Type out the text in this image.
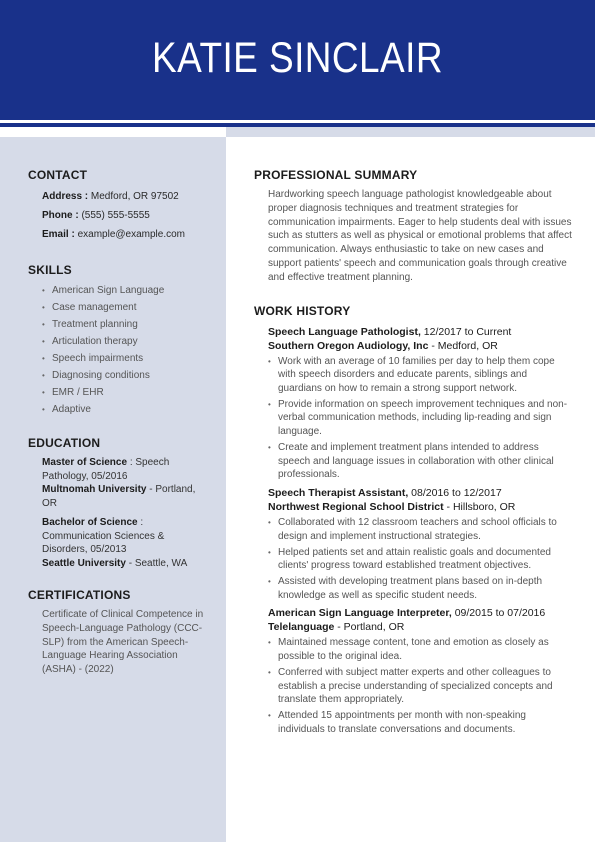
KATIE SINCLAIR
CONTACT
Address : Medford, OR 97502
Phone : (555) 555-5555
Email : example@example.com
SKILLS
• American Sign Language
• Case management
• Treatment planning
• Articulation therapy
• Speech impairments
• Diagnosing conditions
• EMR / EHR
• Adaptive
EDUCATION
Master of Science : Speech Pathology, 05/2016
Multnomah University - Portland, OR
Bachelor of Science : Communication Sciences & Disorders, 05/2013
Seattle University - Seattle, WA
CERTIFICATIONS
Certificate of Clinical Competence in Speech-Language Pathology (CCC-SLP) from the American Speech-Language Hearing Association (ASHA) - (2022)
PROFESSIONAL SUMMARY
Hardworking speech language pathologist knowledgeable about proper diagnosis techniques and treatment strategies for communication impairments. Eager to help students deal with issues such as stutters as well as physical or emotional problems that affect communication. Always enthusiastic to take on new cases and support patients' speech and communication goals through creative and effective treatment planning.
WORK HISTORY
Speech Language Pathologist, 12/2017 to Current
Southern Oregon Audiology, Inc - Medford, OR
• Work with an average of 10 families per day to help them cope with speech disorders and educate parents, siblings and guardians on how to remain a strong support network.
• Provide information on speech improvement techniques and non-verbal communication methods, including lip-reading and sign language.
• Create and implement treatment plans intended to address speech and language issues in collaboration with other clinical professionals.
Speech Therapist Assistant, 08/2016 to 12/2017
Northwest Regional School District - Hillsboro, OR
• Collaborated with 12 classroom teachers and school officials to design and implement instructional strategies.
• Helped patients set and attain realistic goals and documented clients' progress toward established treatment objectives.
• Assisted with developing treatment plans based on in-depth knowledge as well as specific student needs.
American Sign Language Interpreter, 09/2015 to 07/2016
Telelanguage - Portland, OR
• Maintained message content, tone and emotion as closely as possible to the original idea.
• Conferred with subject matter experts and other colleagues to establish a precise understanding of specialized concepts and translate them appropriately.
• Attended 15 appointments per month with non-speaking individuals to translate conversations and documents.
